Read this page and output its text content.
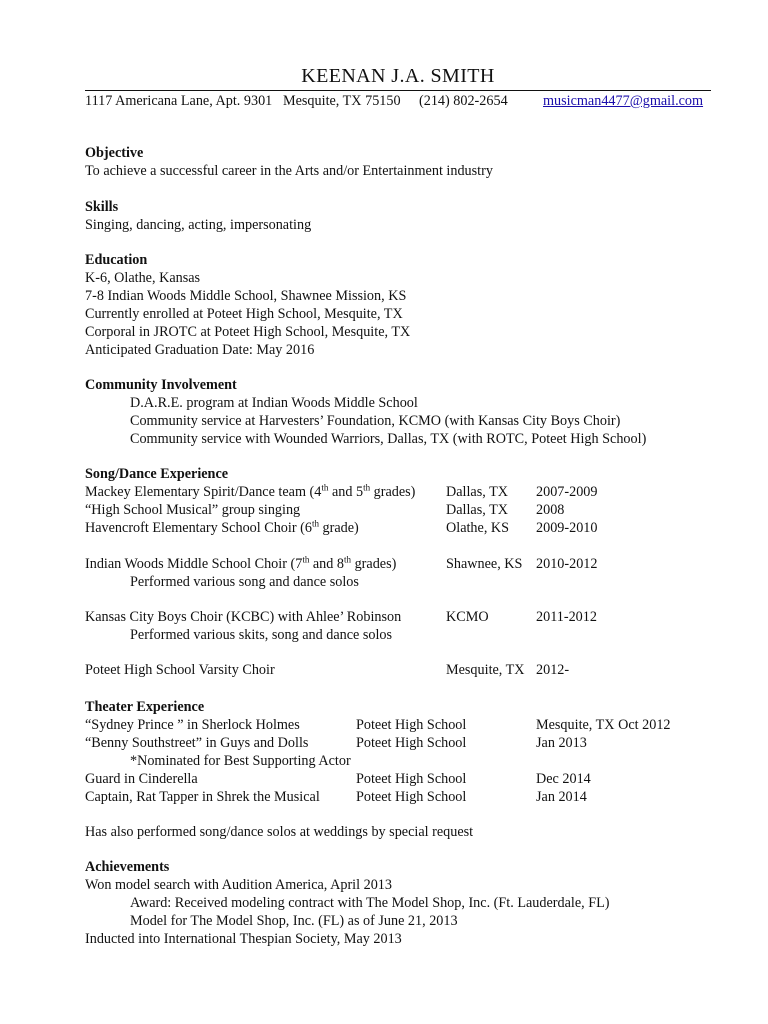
KEENAN J.A. SMITH
1117 Americana Lane, Apt. 9301 Mesquite, TX 75150 (214) 802-2654 musicman4477@gmail.com
Objective
To achieve a successful career in the Arts and/or Entertainment industry
Skills
Singing, dancing, acting, impersonating
Education
K-6, Olathe, Kansas
7-8 Indian Woods Middle School, Shawnee Mission, KS
Currently enrolled at Poteet High School, Mesquite, TX
Corporal in JROTC at Poteet High School, Mesquite, TX
Anticipated Graduation Date: May 2016
Community Involvement
D.A.R.E. program at Indian Woods Middle School
Community service at Harvesters’ Foundation, KCMO (with Kansas City Boys Choir)
Community service with Wounded Warriors, Dallas, TX (with ROTC, Poteet High School)
Song/Dance Experience
Mackey Elementary Spirit/Dance team (4th and 5th grades) Dallas, TX 2007-2009
“High School Musical” group singing	Dallas, TX 2008
Havencroft Elementary School Choir (6th grade)	Olathe, KS 2009-2010
Indian Woods Middle School Choir (7th and 8th grades)	Shawnee, KS 2010-2012
Performed various song and dance solos
Kansas City Boys Choir (KCBC) with Ahlee’ Robinson	KCMO	2011-2012
Performed various skits, song and dance solos
Poteet High School Varsity Choir	Mesquite, TX 2012-
Theater Experience
“Sydney Prince ” in Sherlock Holmes	Poteet High School	Mesquite, TX Oct 2012
“Benny Southstreet” in Guys and Dolls	Poteet High School	Jan 2013
*Nominated for Best Supporting Actor
Guard in Cinderella	Poteet High School	Dec 2014
Captain, Rat Tapper in Shrek the Musical	Poteet High School	Jan 2014
Has also performed song/dance solos at weddings by special request
Achievements
Won model search with Audition America, April 2013
Award: Received modeling contract with The Model Shop, Inc. (Ft. Lauderdale, FL)
Model for The Model Shop, Inc. (FL) as of June 21, 2013
Inducted into International Thespian Society, May 2013
